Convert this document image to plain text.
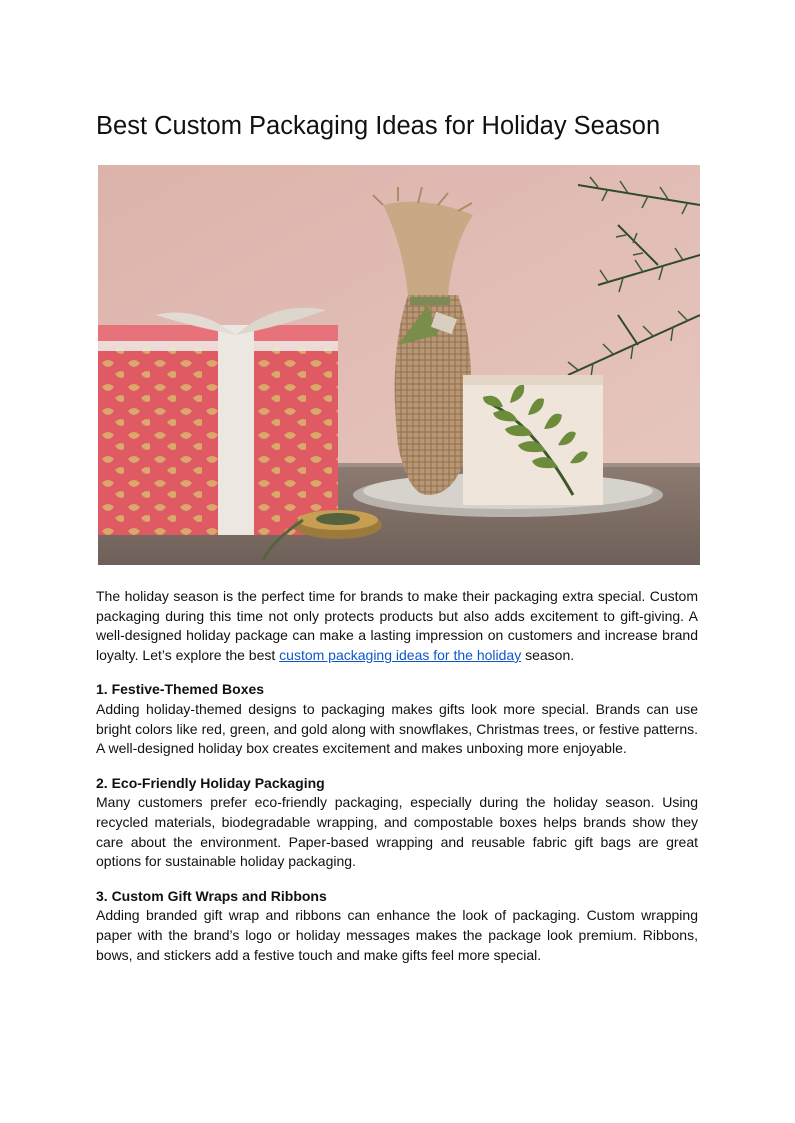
Best Custom Packaging Ideas for Holiday Season

The holiday season is the perfect time for brands to make their packaging extra special. Custom packaging during this time not only protects products but also adds excitement to gift-giving. A well-designed holiday package can make a lasting impression on customers and increase brand loyalty. Let’s explore the best custom packaging ideas for the holiday season.

1. Festive-Themed Boxes

Adding holiday-themed designs to packaging makes gifts look more special. Brands can use bright colors like red, green, and gold along with snowflakes, Christmas trees, or festive patterns. A well-designed holiday box creates excitement and makes unboxing more enjoyable.

2. Eco-Friendly Holiday Packaging

Many customers prefer eco-friendly packaging, especially during the holiday season. Using recycled materials, biodegradable wrapping, and compostable boxes helps brands show they care about the environment. Paper-based wrapping and reusable fabric gift bags are great options for sustainable holiday packaging.

3. Custom Gift Wraps and Ribbons

Adding branded gift wrap and ribbons can enhance the look of packaging. Custom wrapping paper with the brand’s logo or holiday messages makes the package look premium. Ribbons, bows, and stickers add a festive touch and make gifts feel more special.
